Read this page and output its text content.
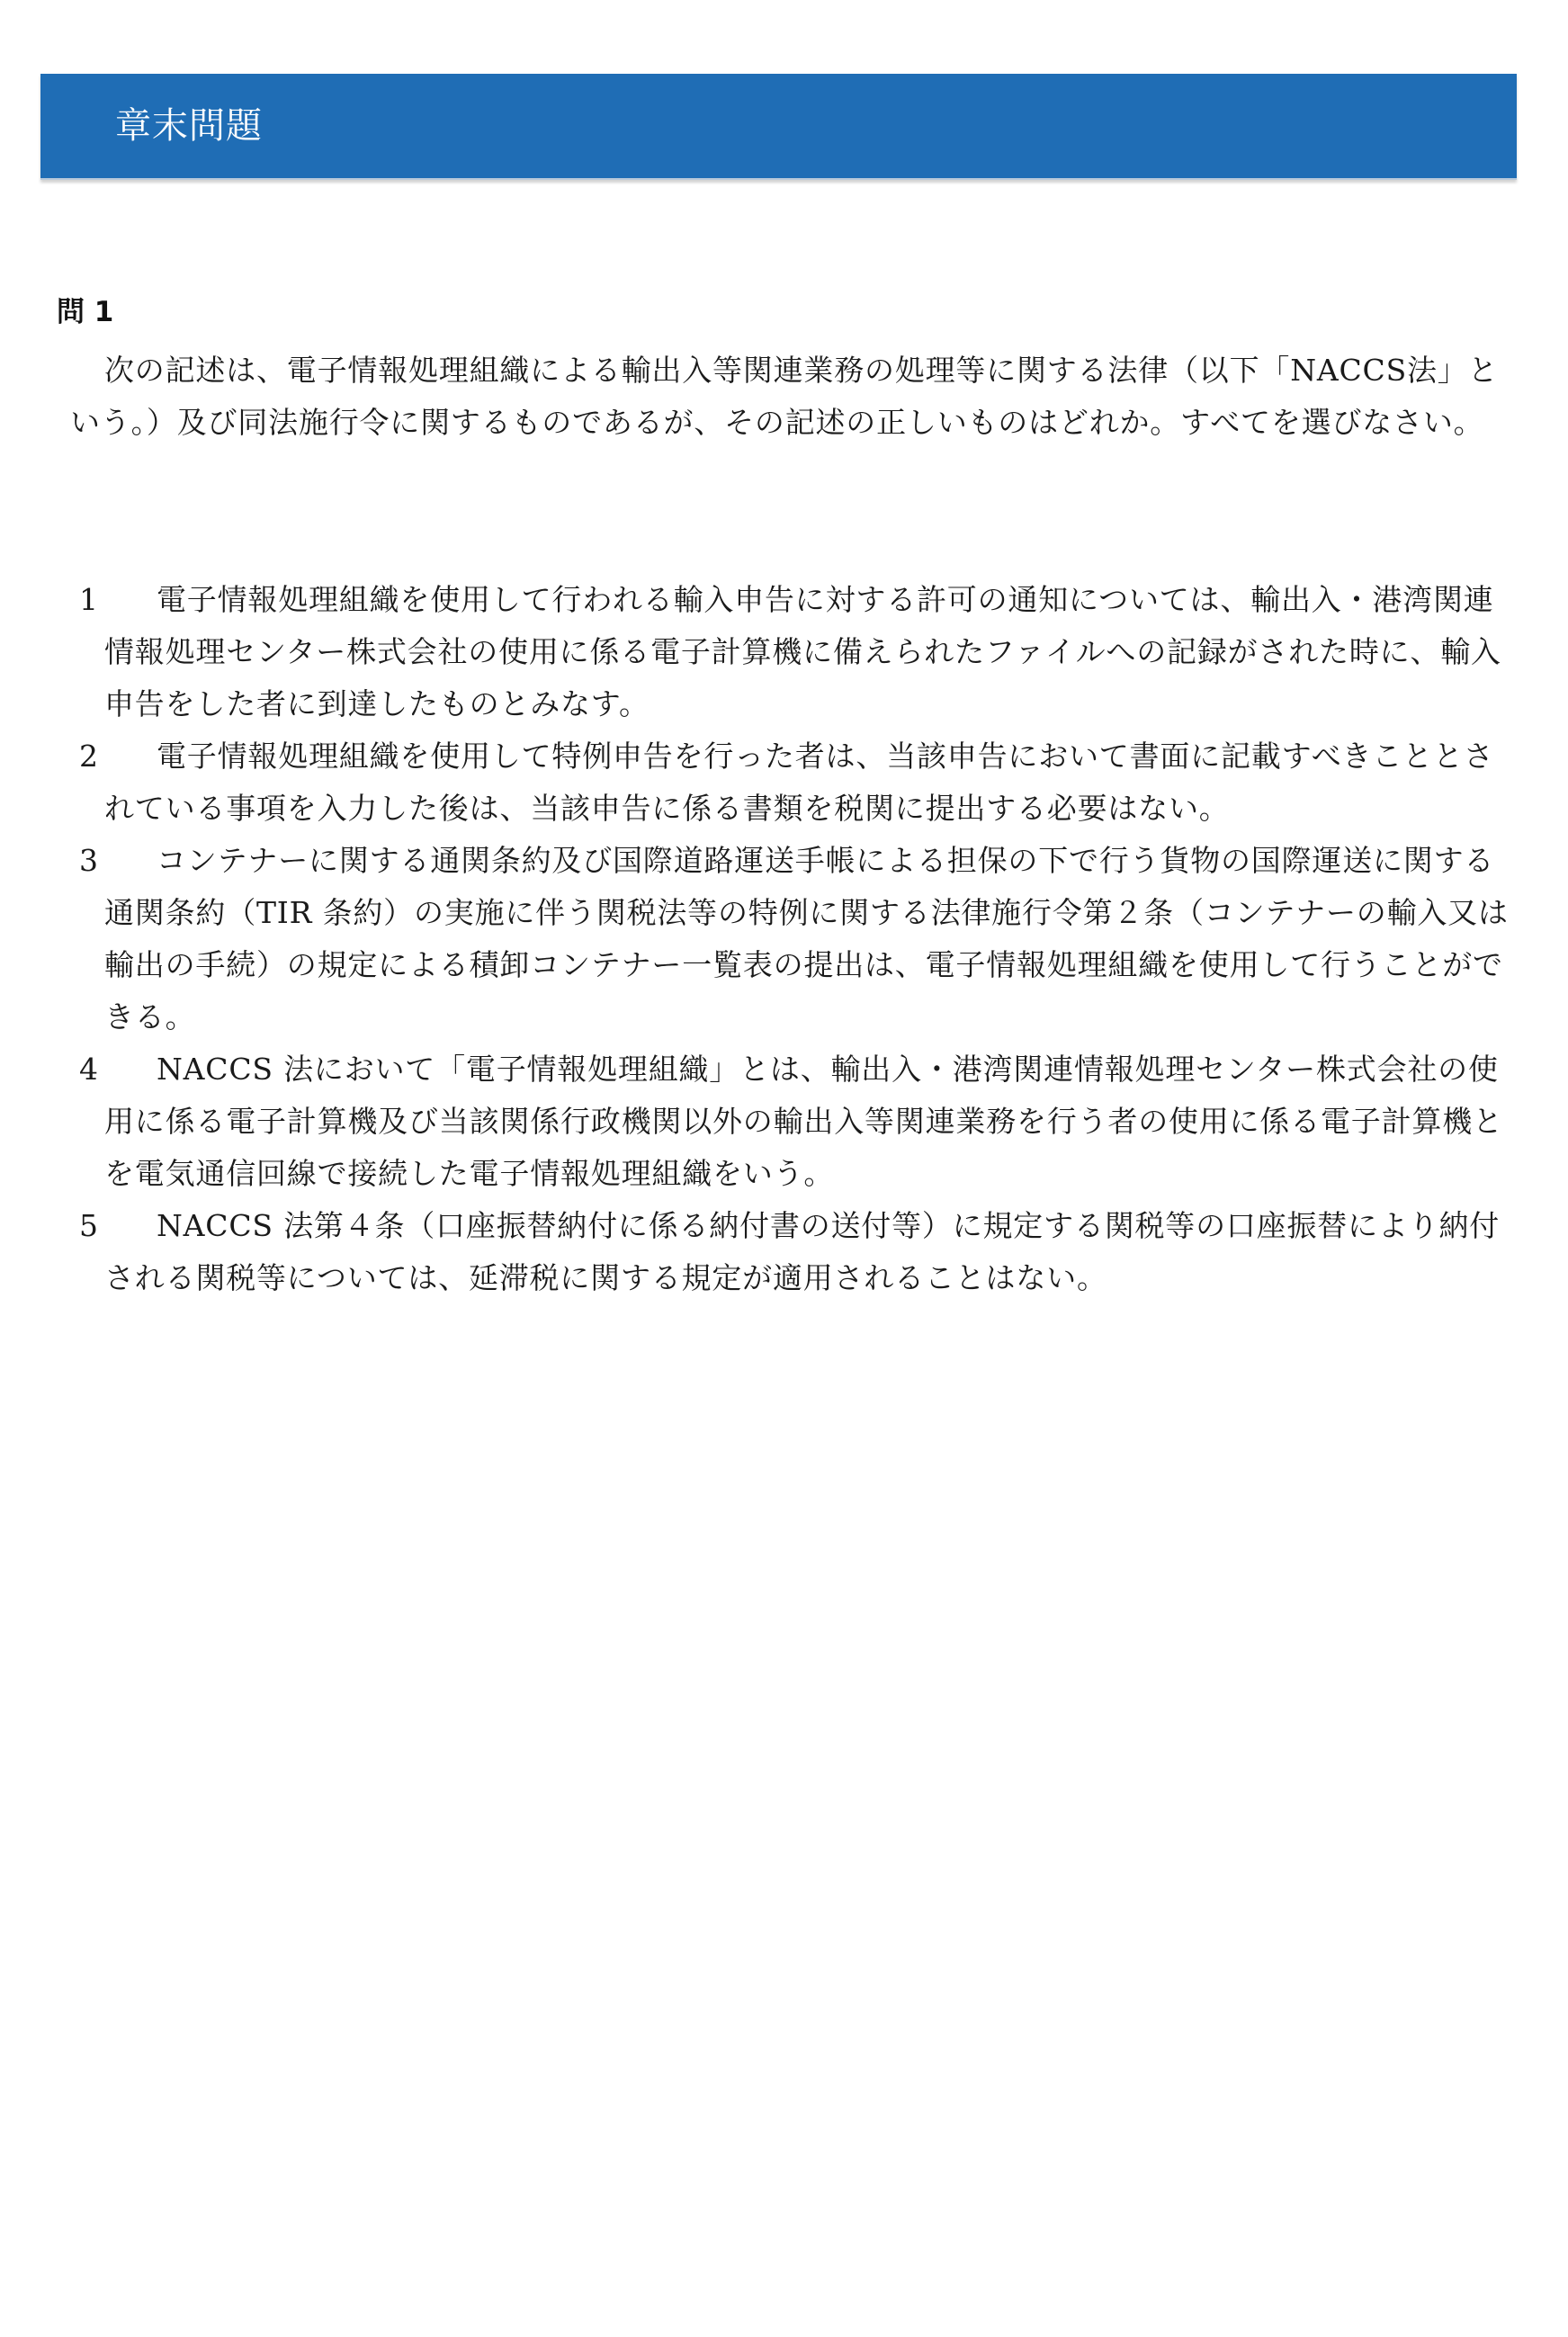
章末問題
問 1

次の記述は、電子情報処理組織による輸出入等関連業務の処理等に関する法律（以下「NACCS法」という。）及び同法施行令に関するものであるが、その記述の正しいものはどれか。すべてを選びなさい。

1	電子情報処理組織を使用して行われる輸入申告に対する許可の通知については、輸出入・港湾関連情報処理センター株式会社の使用に係る電子計算機に備えられたファイルへの記録がされた時に、輸入申告をした者に到達したものとみなす。
2	電子情報処理組織を使用して特例申告を行った者は、当該申告において書面に記載すべきこととされている事項を入力した後は、当該申告に係る書類を税関に提出する必要はない。
3	コンテナーに関する通関条約及び国際道路運送手帳による担保の下で行う貨物の国際運送に関する通関条約（TIR 条約）の実施に伴う関税法等の特例に関する法律施行令第２条（コンテナーの輸入又は輸出の手続）の規定による積卸コンテナー一覧表の提出は、電子情報処理組織を使用して行うことができる。
4	NACCS 法において「電子情報処理組織」とは、輸出入・港湾関連情報処理センター株式会社の使用に係る電子計算機及び当該関係行政機関以外の輸出入等関連業務を行う者の使用に係る電子計算機とを電気通信回線で接続した電子情報処理組織をいう。
5	NACCS 法第４条（口座振替納付に係る納付書の送付等）に規定する関税等の口座振替により納付される関税等については、延滞税に関する規定が適用されることはない。
